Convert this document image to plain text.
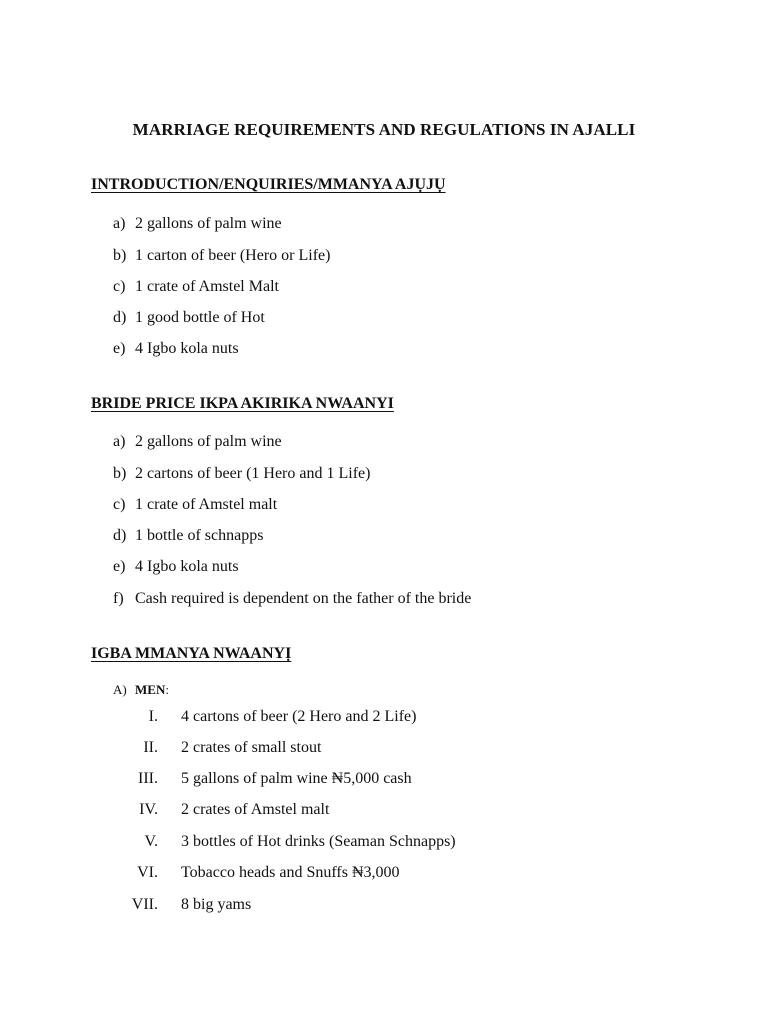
MARRIAGE REQUIREMENTS AND REGULATIONS IN AJALLI
INTRODUCTION/ENQUIRIES/MMANYA AJỤJỤ
a) 2 gallons of palm wine
b) 1 carton of beer (Hero or Life)
c) 1 crate of Amstel Malt
d) 1 good bottle of Hot
e) 4 Igbo kola nuts
BRIDE PRICE IKPA AKIRIKA NWAANYI
a) 2 gallons of palm wine
b) 2 cartons of beer (1 Hero and 1 Life)
c) 1 crate of Amstel malt
d) 1 bottle of schnapps
e) 4 Igbo kola nuts
f) Cash required is dependent on the father of the bride
IGBA MMANYA NWAANYỊ
A) MEN:
I. 4 cartons of beer (2 Hero and 2 Life)
II. 2 crates of small stout
III. 5 gallons of palm wine ₦5,000 cash
IV. 2 crates of Amstel malt
V. 3 bottles of Hot drinks (Seaman Schnapps)
VI. Tobacco heads and Snuffs ₦3,000
VII. 8 big yams
